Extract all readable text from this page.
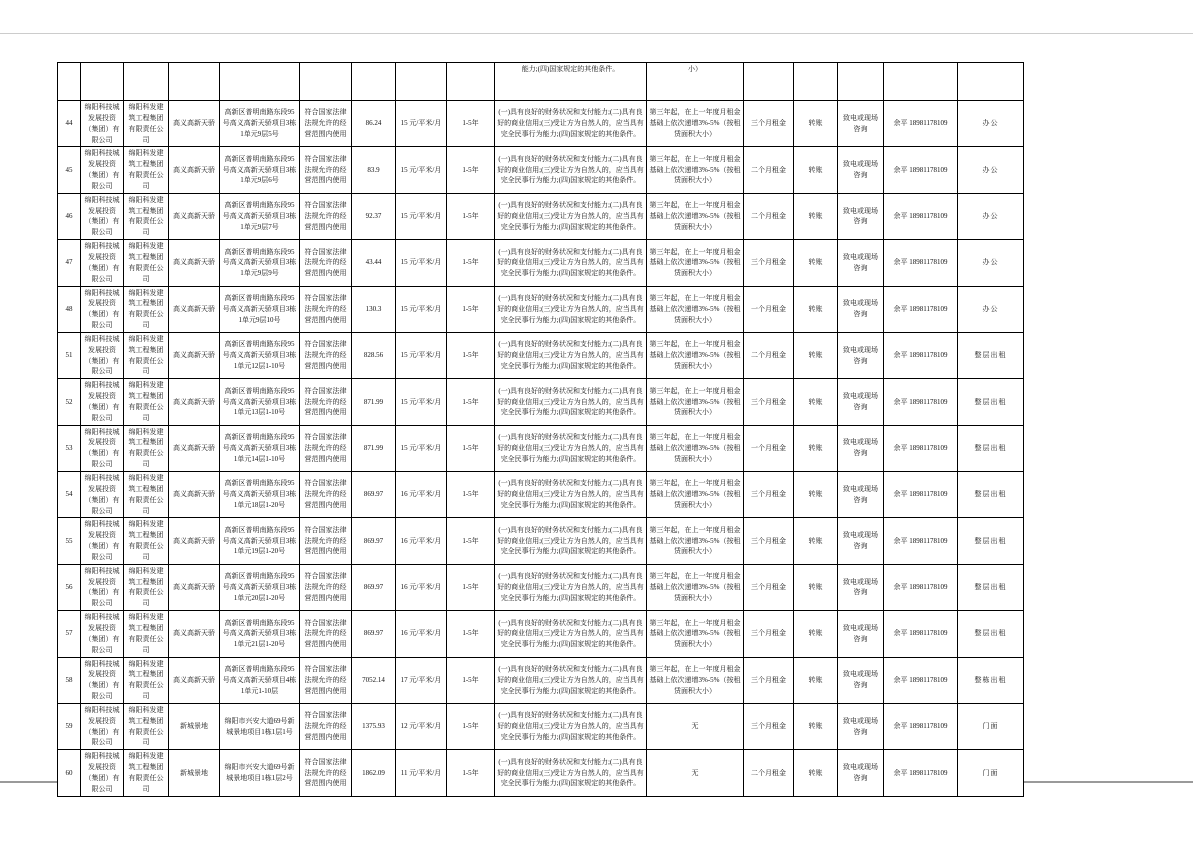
									能力;(四)国家规定的其他条件。	小）					
44	绵阳科技城发展投资（集团）有限公司	绵阳科发建筑工程集团有限责任公司	高义高新天骄	高新区普明南路东段95号高义高新天骄项目3栋1单元9层5号	符合国家法律法规允许的经营范围内使用	86.24	15 元/平米/月	1-5年	(一)具有良好的财务状况和支付能力;(二)具有良好的商业信用;(三)受让方为自然人的，应当具有完全民事行为能力;(四)国家规定的其他条件。	第三年起，在上一年度月租金基础上依次递增3%-5%（按租赁面积大小）	三个月租金	转账	致电或现场咨询	余平 18981178109	办公
45	绵阳科技城发展投资（集团）有限公司	绵阳科发建筑工程集团有限责任公司	高义高新天骄	高新区普明南路东段95号高义高新天骄项目3栋1单元9层6号	符合国家法律法规允许的经营范围内使用	83.9	15 元/平米/月	1-5年	(一)具有良好的财务状况和支付能力;(二)具有良好的商业信用;(三)受让方为自然人的，应当具有完全民事行为能力;(四)国家规定的其他条件。	第三年起，在上一年度月租金基础上依次递增3%-5%（按租赁面积大小）	二个月租金	转账	致电或现场咨询	余平 18981178109	办公
46	绵阳科技城发展投资（集团）有限公司	绵阳科发建筑工程集团有限责任公司	高义高新天骄	高新区普明南路东段95号高义高新天骄项目3栋1单元9层7号	符合国家法律法规允许的经营范围内使用	92.37	15 元/平米/月	1-5年	(一)具有良好的财务状况和支付能力;(二)具有良好的商业信用;(三)受让方为自然人的，应当具有完全民事行为能力;(四)国家规定的其他条件。	第三年起，在上一年度月租金基础上依次递增3%-5%（按租赁面积大小）	二个月租金	转账	致电或现场咨询	余平 18981178109	办公
47	绵阳科技城发展投资（集团）有限公司	绵阳科发建筑工程集团有限责任公司	高义高新天骄	高新区普明南路东段95号高义高新天骄项目3栋1单元9层9号	符合国家法律法规允许的经营范围内使用	43.44	15 元/平米/月	1-5年	(一)具有良好的财务状况和支付能力;(二)具有良好的商业信用;(三)受让方为自然人的，应当具有完全民事行为能力;(四)国家规定的其他条件。	第三年起，在上一年度月租金基础上依次递增3%-5%（按租赁面积大小）	三个月租金	转账	致电或现场咨询	余平 18981178109	办公
48	绵阳科技城发展投资（集团）有限公司	绵阳科发建筑工程集团有限责任公司	高义高新天骄	高新区普明南路东段95号高义高新天骄项目3栋1单元9层10号	符合国家法律法规允许的经营范围内使用	130.3	15 元/平米/月	1-5年	(一)具有良好的财务状况和支付能力;(二)具有良好的商业信用;(三)受让方为自然人的，应当具有完全民事行为能力;(四)国家规定的其他条件。	第三年起，在上一年度月租金基础上依次递增3%-5%（按租赁面积大小）	一个月租金	转账	致电或现场咨询	余平 18981178109	办公
51	绵阳科技城发展投资（集团）有限公司	绵阳科发建筑工程集团有限责任公司	高义高新天骄	高新区普明南路东段95号高义高新天骄项目3栋1单元12层1-10号	符合国家法律法规允许的经营范围内使用	828.56	15 元/平米/月	1-5年	(一)具有良好的财务状况和支付能力;(二)具有良好的商业信用;(三)受让方为自然人的，应当具有完全民事行为能力;(四)国家规定的其他条件。	第三年起，在上一年度月租金基础上依次递增3%-5%（按租赁面积大小）	二个月租金	转账	致电或现场咨询	余平 18981178109	整层出租
52	绵阳科技城发展投资（集团）有限公司	绵阳科发建筑工程集团有限责任公司	高义高新天骄	高新区普明南路东段95号高义高新天骄项目3栋1单元13层1-10号	符合国家法律法规允许的经营范围内使用	871.99	15 元/平米/月	1-5年	(一)具有良好的财务状况和支付能力;(二)具有良好的商业信用;(三)受让方为自然人的，应当具有完全民事行为能力;(四)国家规定的其他条件。	第三年起，在上一年度月租金基础上依次递增3%-5%（按租赁面积大小）	三个月租金	转账	致电或现场咨询	余平 18981178109	整层出租
53	绵阳科技城发展投资（集团）有限公司	绵阳科发建筑工程集团有限责任公司	高义高新天骄	高新区普明南路东段95号高义高新天骄项目3栋1单元14层1-10号	符合国家法律法规允许的经营范围内使用	871.99	15 元/平米/月	1-5年	(一)具有良好的财务状况和支付能力;(二)具有良好的商业信用;(三)受让方为自然人的，应当具有完全民事行为能力;(四)国家规定的其他条件。	第三年起，在上一年度月租金基础上依次递增3%-5%（按租赁面积大小）	一个月租金	转账	致电或现场咨询	余平 18981178109	整层出租
54	绵阳科技城发展投资（集团）有限公司	绵阳科发建筑工程集团有限责任公司	高义高新天骄	高新区普明南路东段95号高义高新天骄项目3栋1单元18层1-20号	符合国家法律法规允许的经营范围内使用	869.97	16 元/平米/月	1-5年	(一)具有良好的财务状况和支付能力;(二)具有良好的商业信用;(三)受让方为自然人的，应当具有完全民事行为能力;(四)国家规定的其他条件。	第三年起，在上一年度月租金基础上依次递增3%-5%（按租赁面积大小）	三个月租金	转账	致电或现场咨询	余平 18981178109	整层出租
55	绵阳科技城发展投资（集团）有限公司	绵阳科发建筑工程集团有限责任公司	高义高新天骄	高新区普明南路东段95号高义高新天骄项目3栋1单元19层1-20号	符合国家法律法规允许的经营范围内使用	869.97	16 元/平米/月	1-5年	(一)具有良好的财务状况和支付能力;(二)具有良好的商业信用;(三)受让方为自然人的，应当具有完全民事行为能力;(四)国家规定的其他条件。	第三年起，在上一年度月租金基础上依次递增3%-5%（按租赁面积大小）	三个月租金	转账	致电或现场咨询	余平 18981178109	整层出租
56	绵阳科技城发展投资（集团）有限公司	绵阳科发建筑工程集团有限责任公司	高义高新天骄	高新区普明南路东段95号高义高新天骄项目3栋1单元20层1-20号	符合国家法律法规允许的经营范围内使用	869.97	16 元/平米/月	1-5年	(一)具有良好的财务状况和支付能力;(二)具有良好的商业信用;(三)受让方为自然人的，应当具有完全民事行为能力;(四)国家规定的其他条件。	第三年起，在上一年度月租金基础上依次递增3%-5%（按租赁面积大小）	三个月租金	转账	致电或现场咨询	余平 18981178109	整层出租
57	绵阳科技城发展投资（集团）有限公司	绵阳科发建筑工程集团有限责任公司	高义高新天骄	高新区普明南路东段95号高义高新天骄项目3栋1单元21层1-20号	符合国家法律法规允许的经营范围内使用	869.97	16 元/平米/月	1-5年	(一)具有良好的财务状况和支付能力;(二)具有良好的商业信用;(三)受让方为自然人的，应当具有完全民事行为能力;(四)国家规定的其他条件。	第三年起，在上一年度月租金基础上依次递增3%-5%（按租赁面积大小）	三个月租金	转账	致电或现场咨询	余平 18981178109	整层出租
58	绵阳科技城发展投资（集团）有限公司	绵阳科发建筑工程集团有限责任公司	高义高新天骄	高新区普明南路东段95号高义高新天骄项目4栋1单元1-10层	符合国家法律法规允许的经营范围内使用	7052.14	17 元/平米/月	1-5年	(一)具有良好的财务状况和支付能力;(二)具有良好的商业信用;(三)受让方为自然人的，应当具有完全民事行为能力;(四)国家规定的其他条件。	第三年起，在上一年度月租金基础上依次递增3%-5%（按租赁面积大小）	三个月租金	转账	致电或现场咨询	余平 18981178109	整栋出租
59	绵阳科技城发展投资（集团）有限公司	绵阳科发建筑工程集团有限责任公司	新城景地	绵阳市兴安大道69号新城景地项目1栋1层1号	符合国家法律法规允许的经营范围内使用	1375.93	12 元/平米/月	1-5年	(一)具有良好的财务状况和支付能力;(二)具有良好的商业信用;(三)受让方为自然人的，应当具有完全民事行为能力;(四)国家规定的其他条件。	无	三个月租金	转账	致电或现场咨询	余平 18981178109	门面
60	绵阳科技城发展投资（集团）有限公司	绵阳科发建筑工程集团有限责任公司	新城景地	绵阳市兴安大道69号新城景地项目1栋1层2号	符合国家法律法规允许的经营范围内使用	1862.09	11 元/平米/月	1-5年	(一)具有良好的财务状况和支付能力;(二)具有良好的商业信用;(三)受让方为自然人的，应当具有完全民事行为能力;(四)国家规定的其他条件。	无	二个月租金	转账	致电或现场咨询	余平 18981178109	门面
